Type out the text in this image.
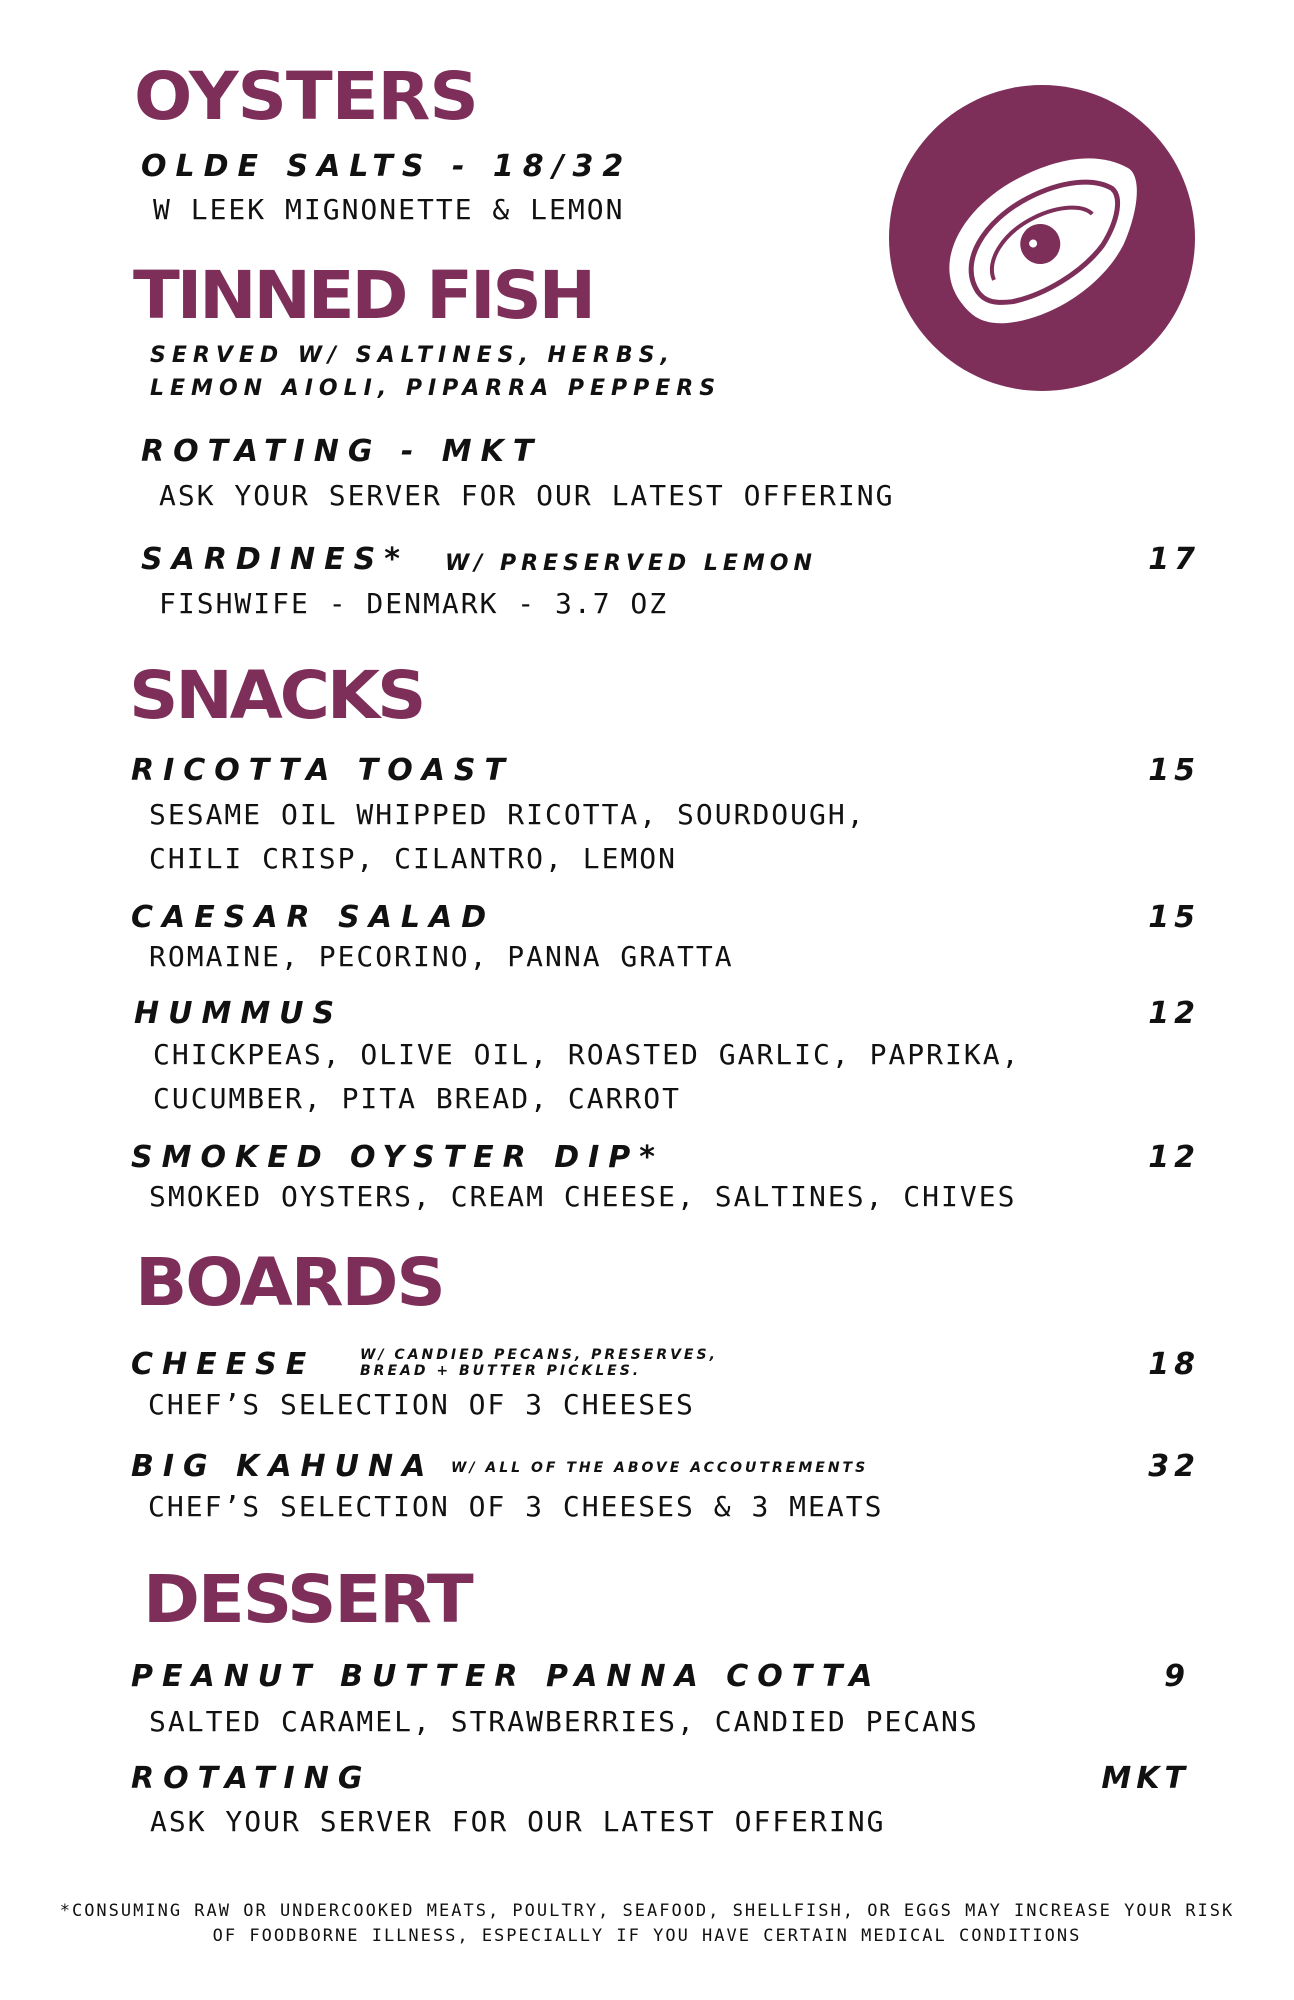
OYSTERS
OLDE SALTS - 18/32
W LEEK MIGNONETTE & LEMON
TINNED FISH
SERVED W/ SALTINES, HERBS,
LEMON AIOLI, PIPARRA PEPPERS
ROTATING - MKT
ASK YOUR SERVER FOR OUR LATEST OFFERING
SARDINES* W/ PRESERVED LEMON	17
FISHWIFE - DENMARK - 3.7 OZ
SNACKS
RICOTTA TOAST	15
SESAME OIL WHIPPED RICOTTA, SOURDOUGH,
CHILI CRISP, CILANTRO, LEMON
CAESAR SALAD	15
ROMAINE, PECORINO, PANNA GRATTA
HUMMUS	12
CHICKPEAS, OLIVE OIL, ROASTED GARLIC, PAPRIKA,
CUCUMBER, PITA BREAD, CARROT
SMOKED OYSTER DIP*	12
SMOKED OYSTERS, CREAM CHEESE, SALTINES, CHIVES
BOARDS
CHEESE	W/ CANDIED PECANS, PRESERVES,
BREAD + BUTTER PICKLES.	18
CHEF’S SELECTION OF 3 CHEESES
BIG KAHUNA W/ ALL OF THE ABOVE ACCOUTREMENTS	32
CHEF’S SELECTION OF 3 CHEESES & 3 MEATS
DESSERT
PEANUT BUTTER PANNA COTTA	9
SALTED CARAMEL, STRAWBERRIES, CANDIED PECANS
ROTATING	MKT
ASK YOUR SERVER FOR OUR LATEST OFFERING
*CONSUMING RAW OR UNDERCOOKED MEATS, POULTRY, SEAFOOD, SHELLFISH, OR EGGS MAY INCREASE YOUR RISK
OF FOODBORNE ILLNESS, ESPECIALLY IF YOU HAVE CERTAIN MEDICAL CONDITIONS
